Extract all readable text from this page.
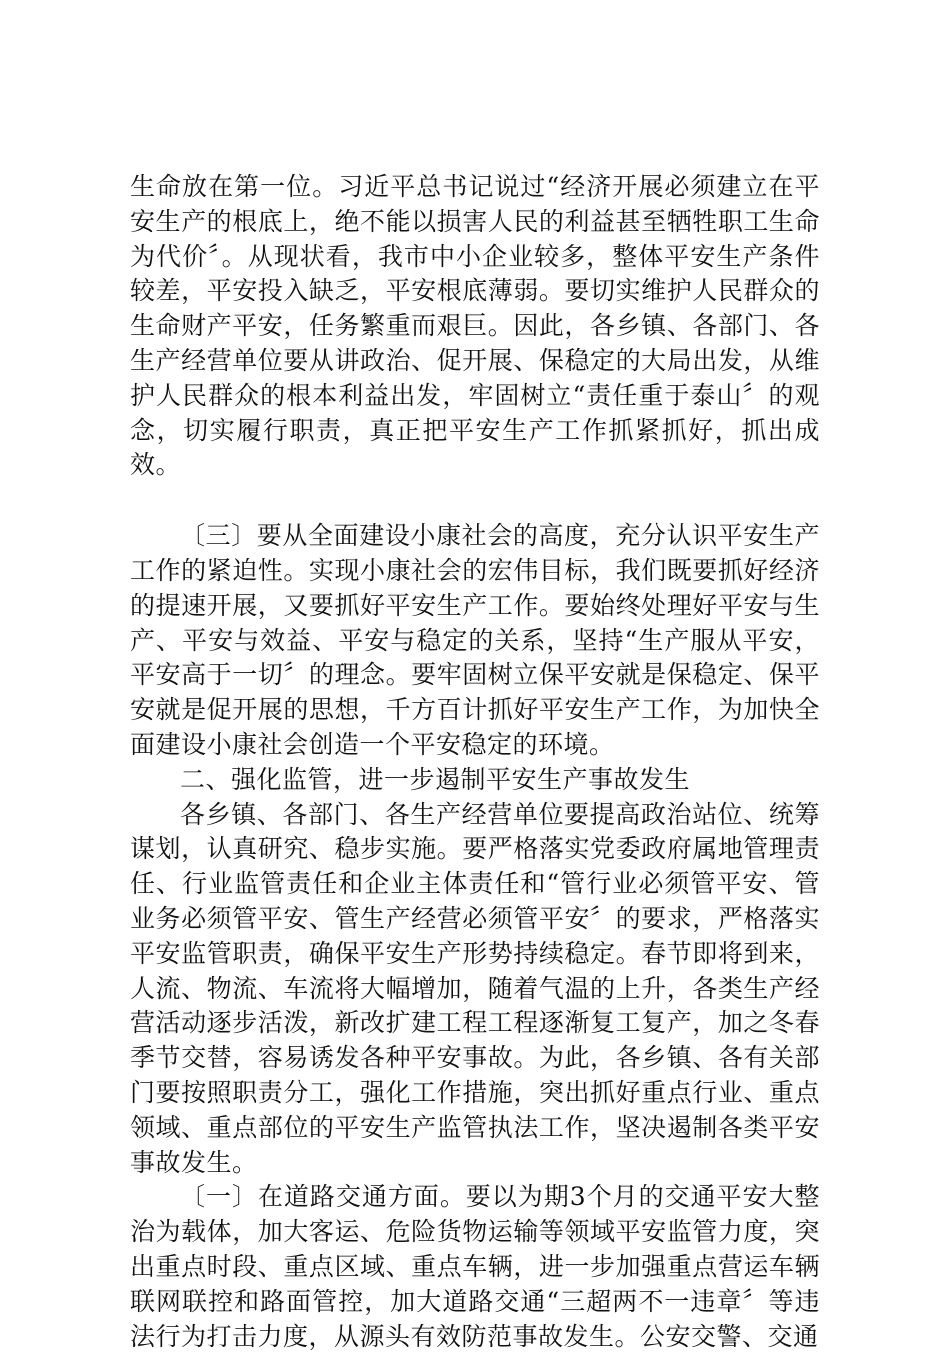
生命放在第一位。习近平总书记说过“经济开展必须建立在平安生产的根底上，绝不能以损害人民的利益甚至牺牲职工生命为代价〞。从现状看，我市中小企业较多，整体平安生产条件较差，平安投入缺乏，平安根底薄弱。要切实维护人民群众的生命财产平安，任务繁重而艰巨。因此，各乡镇、各部门、各生产经营单位要从讲政治、促开展、保稳定的大局出发，从维护人民群众的根本利益出发，牢固树立“责任重于泰山〞的观念，切实履行职责，真正把平安生产工作抓紧抓好，抓出成效。

〔三〕要从全面建设小康社会的高度，充分认识平安生产工作的紧迫性。实现小康社会的宏伟目标，我们既要抓好经济的提速开展，又要抓好平安生产工作。要始终处理好平安与生产、平安与效益、平安与稳定的关系，坚持“生产服从平安，平安高于一切〞的理念。要牢固树立保平安就是保稳定、保平安就是促开展的思想，千方百计抓好平安生产工作，为加快全面建设小康社会创造一个平安稳定的环境。

二、强化监管，进一步遏制平安生产事故发生

各乡镇、各部门、各生产经营单位要提高政治站位、统筹谋划，认真研究、稳步实施。要严格落实党委政府属地管理责任、行业监管责任和企业主体责任和“管行业必须管平安、管业务必须管平安、管生产经营必须管平安〞的要求，严格落实平安监管职责，确保平安生产形势持续稳定。春节即将到来，人流、物流、车流将大幅增加，随着气温的上升，各类生产经营活动逐步活泼，新改扩建工程工程逐渐复工复产，加之冬春季节交替，容易诱发各种平安事故。为此，各乡镇、各有关部门要按照职责分工，强化工作措施，突出抓好重点行业、重点领域、重点部位的平安生产监管执法工作，坚决遏制各类平安事故发生。

〔一〕在道路交通方面。要以为期3个月的交通平安大整治为载体，加大客运、危险货物运输等领域平安监管力度，突出重点时段、重点区域、重点车辆，进一步加强重点营运车辆联网联控和路面管控，加大道路交通“三超两不一违章〞等违法行为打击力度，从源头有效防范事故发生。公安交警、交通
